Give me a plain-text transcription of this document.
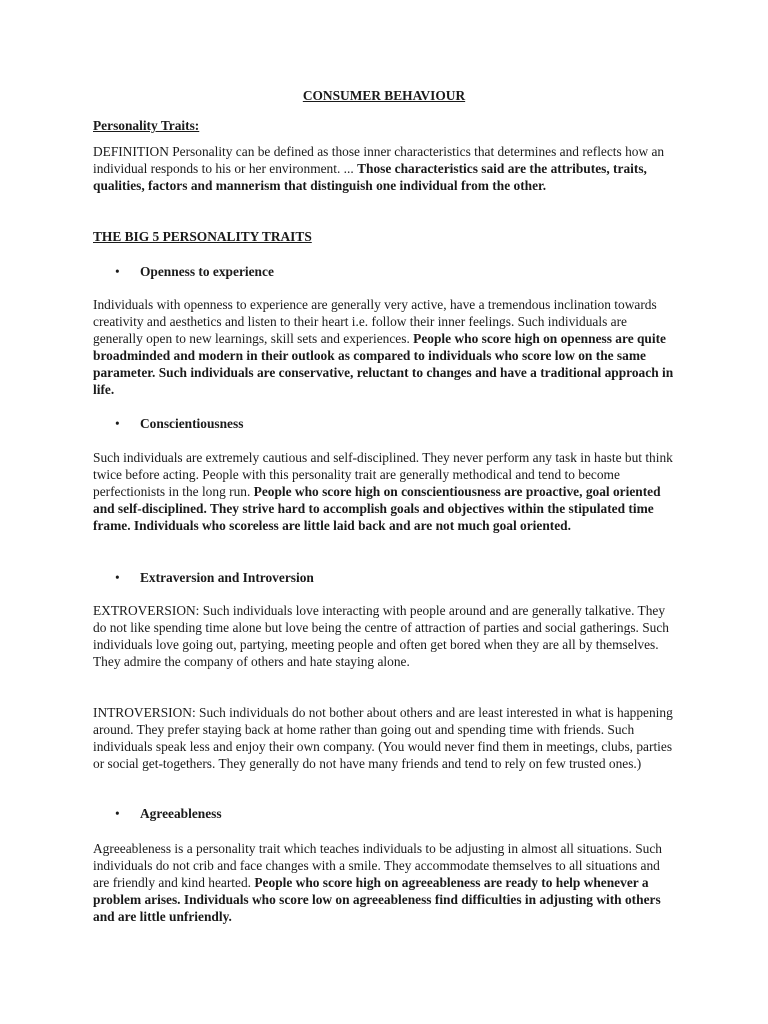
CONSUMER BEHAVIOUR
Personality Traits:

DEFINITION Personality can be defined as those inner characteristics that determines and reflects how an individual responds to his or her environment. ... Those characteristics said are the attributes, traits, qualities, factors and mannerism that distinguish one individual from the other.

THE BIG 5 PERSONALITY TRAITS
• Openness to experience

Individuals with openness to experience are generally very active, have a tremendous inclination towards creativity and aesthetics and listen to their heart i.e. follow their inner feelings. Such individuals are generally open to new learnings, skill sets and experiences. People who score high on openness are quite broadminded and modern in their outlook as compared to individuals who score low on the same parameter. Such individuals are conservative, reluctant to changes and have a traditional approach in life.

• Conscientiousness

Such individuals are extremely cautious and self-disciplined. They never perform any task in haste but think twice before acting. People with this personality trait are generally methodical and tend to become perfectionists in the long run. People who score high on conscientiousness are proactive, goal oriented and self-disciplined. They strive hard to accomplish goals and objectives within the stipulated time frame. Individuals who scoreless are little laid back and are not much goal oriented.

• Extraversion and Introversion

EXTROVERSION: Such individuals love interacting with people around and are generally talkative. They do not like spending time alone but love being the centre of attraction of parties and social gatherings. Such individuals love going out, partying, meeting people and often get bored when they are all by themselves. They admire the company of others and hate staying alone.

INTROVERSION: Such individuals do not bother about others and are least interested in what is happening around. They prefer staying back at home rather than going out and spending time with friends. Such individuals speak less and enjoy their own company. (You would never find them in meetings, clubs, parties or social get-togethers. They generally do not have many friends and tend to rely on few trusted ones.)

• Agreeableness

Agreeableness is a personality trait which teaches individuals to be adjusting in almost all situations. Such individuals do not crib and face changes with a smile. They accommodate themselves to all situations and are friendly and kind hearted. People who score high on agreeableness are ready to help whenever a problem arises. Individuals who score low on agreeableness find difficulties in adjusting with others and are little unfriendly.
